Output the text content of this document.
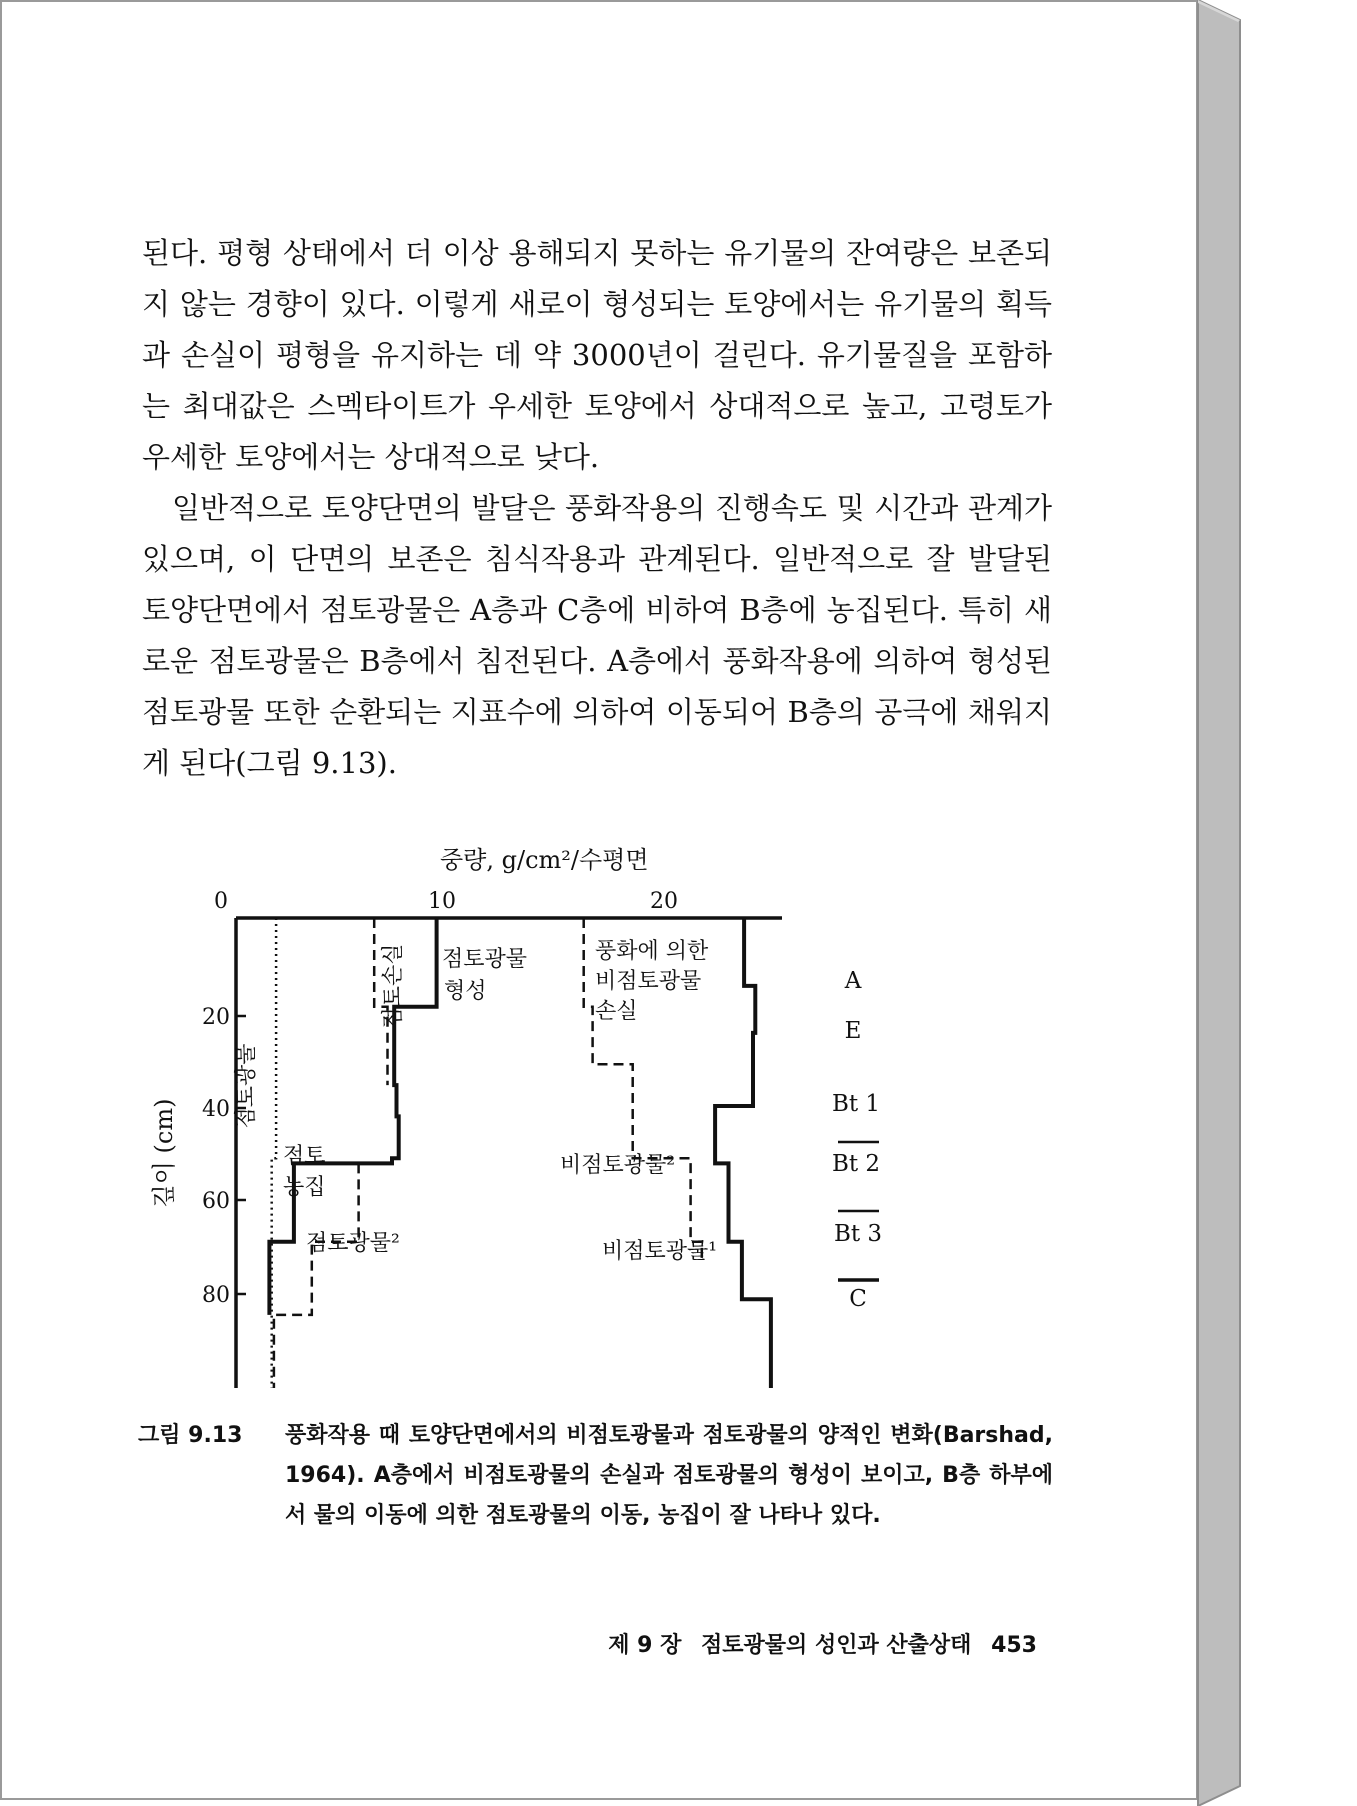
된다. 평형 상태에서 더 이상 용해되지 못하는 유기물의 잔여량은 보존되지 않는 경향이 있다. 이렇게 새로이 형성되는 토양에서는 유기물의 획득과 손실이 평형을 유지하는 데 약 3000년이 걸린다. 유기물질을 포함하는 최대값은 스멕타이트가 우세한 토양에서 상대적으로 높고, 고령토가 우세한 토양에서는 상대적으로 낮다.

일반적으로 토양단면의 발달은 풍화작용의 진행속도 및 시간과 관계가 있으며, 이 단면의 보존은 침식작용과 관계된다. 일반적으로 잘 발달된 토양단면에서 점토광물은 A층과 C층에 비하여 B층에 농집된다. 특히 새로운 점토광물은 B층에서 침전된다. A층에서 풍화작용에 의하여 형성된 점토광물 또한 순환되는 지표수에 의하여 이동되어 B층의 공극에 채워지게 된다(그림 9.13).

중량, g/cm²/수평면
0	10	20
20
40
60
80
깊이 (cm)
점토광물
점토손실 점토광물
형성
풍화에 의한
비점토광물
손실
점토
농집
점토광물²
비점토광물²
비점토광물¹
A
E
Bt 1
Bt 2
Bt 3
C
그림 9.13	풍화작용 때 토양단면에서의 비점토광물과 점토광물의 양적인 변화(Barshad, 1964). A층에서 비점토광물의 손실과 점토광물의 형성이 보이고, B층 하부에서 물의 이동에 의한 점토광물의 이동, 농집이 잘 나타나 있다.
제 9 장 점토광물의 성인과 산출상태 453
